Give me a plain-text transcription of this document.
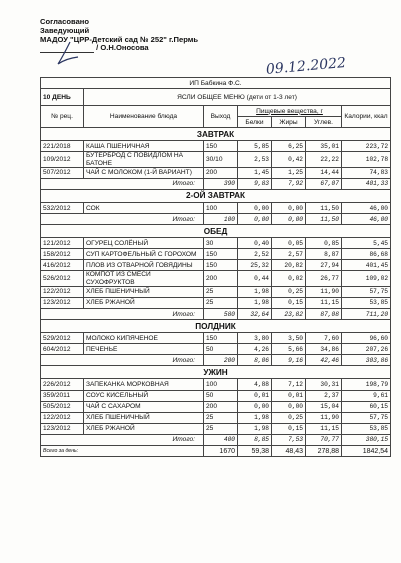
Согласовано
Заведующий
МАДОУ "ЦРР-Детский сад № 252" г.Пермь
/ О.Н.Оносова
09.12.2022
ИП Бабкина Ф.С.						
10 ДЕНЬ	ЯСЛИ ОБЩЕЕ МЕНЮ (дети от 1-3 лет)					
№ рец.	Наименование блюда	Выход	Пищевые вещества, г			Калории, ккал
			Белки	Жиры	Углев.	
ЗАВТРАК						
221/2018	КАША ПШЕНИЧНАЯ	150	5,85	6,25	35,01	223,72
109/2012	БУТЕРБРОД С ПОВИДЛОМ НА БАТОНЕ	30/10	2,53	0,42	22,22	102,78
507/2012	ЧАЙ С МОЛОКОМ (1-Й ВАРИАНТ)	200	1,45	1,25	14,44	74,83
Итого:		390	9,83	7,92	67,07	401,33
2-ОЙ ЗАВТРАК						
532/2012	СОК	100	0,00	0,00	11,50	46,00
Итого:		100	0,00	0,00	11,50	46,00
ОБЕД						
121/2012	ОГУРЕЦ СОЛЁНЫЙ	30	0,40	0,05	0,85	5,45
158/2012	СУП КАРТОФЕЛЬНЫЙ С ГОРОХОМ	150	2,52	2,57	8,87	86,68
416/2012	ПЛОВ ИЗ ОТВАРНОЙ ГОВЯДИНЫ	150	25,32	20,82	27,94	401,45
526/2012	КОМПОТ ИЗ СМЕСИ СУХОФРУКТОВ	200	0,44	0,02	26,77	109,02
122/2012	ХЛЕБ ПШЕНИЧНЫЙ	25	1,98	0,25	11,90	57,75
123/2012	ХЛЕБ РЖАНОЙ	25	1,98	0,15	11,15	53,85
Итого:		580	32,64	23,82	87,08	711,20
ПОЛДНИК						
529/2012	МОЛОКО КИПЯЧЕНОЕ	150	3,80	3,50	7,60	96,60
604/2012	ПЕЧЕНЬЕ	50	4,26	5,66	34,86	207,26
Итого:		200	8,06	9,16	42,46	303,86
УЖИН						
226/2012	ЗАПЕКАНКА МОРКОВНАЯ	100	4,88	7,12	30,31	198,79
359/2011	СОУС КИСЕЛЬНЫЙ	50	0,01	0,01	2,37	9,61
505/2012	ЧАЙ С САХАРОМ	200	0,00	0,00	15,04	60,15
122/2012	ХЛЕБ ПШЕНИЧНЫЙ	25	1,98	0,25	11,90	57,75
123/2012	ХЛЕБ РЖАНОЙ	25	1,98	0,15	11,15	53,85
Итого:		400	8,85	7,53	70,77	380,15
Всего за день:		1670	59,38	48,43	278,88	1842,54
